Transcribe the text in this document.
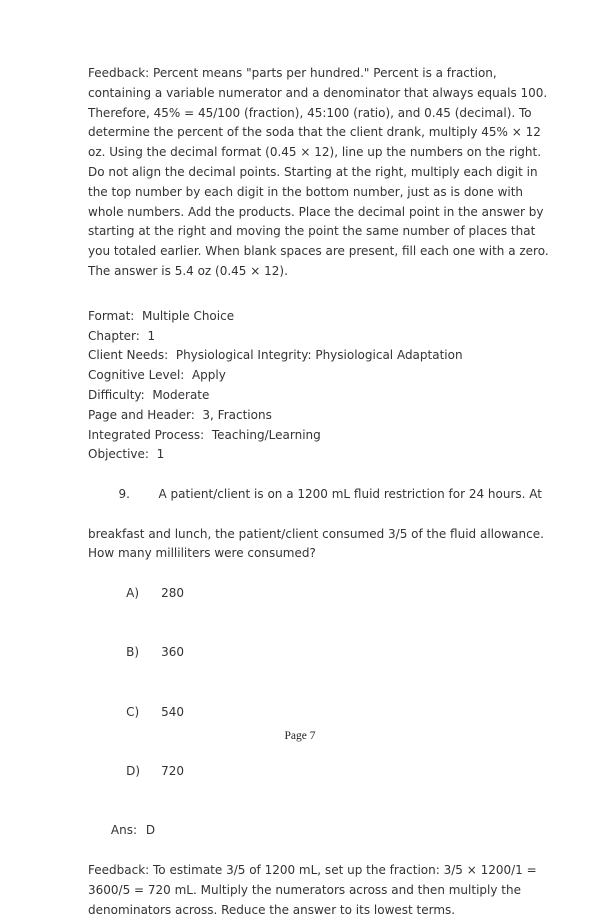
Feedback: Percent means "parts per hundred." Percent is a fraction,
containing a variable numerator and a denominator that always equals 100.
Therefore, 45% = 45/100 (fraction), 45:100 (ratio), and 0.45 (decimal). To
determine the percent of the soda that the client drank, multiply 45% × 12
oz. Using the decimal format (0.45 × 12), line up the numbers on the right.
Do not align the decimal points. Starting at the right, multiply each digit in
the top number by each digit in the bottom number, just as is done with
whole numbers. Add the products. Place the decimal point in the answer by
starting at the right and moving the point the same number of places that
you totaled earlier. When blank spaces are present, fill each one with a zero.
The answer is 5.4 oz (0.45 × 12).
Format:  Multiple Choice
Chapter:  1
Client Needs:  Physiological Integrity: Physiological Adaptation
Cognitive Level:  Apply
Difficulty:  Moderate
Page and Header:  3, Fractions
Integrated Process:  Teaching/Learning
Objective:  1

9. A patient/client is on a 1200 mL fluid restriction for 24 hours. At

breakfast and lunch, the patient/client consumed 3/5 of the fluid allowance.
How many milliliters were consumed?

A) 280

B) 360

C) 540

D) 720

Ans: D

Feedback: To estimate 3/5 of 1200 mL, set up the fraction: 3/5 × 1200/1 =
3600/5 = 720 mL. Multiply the numerators across and then multiply the
denominators across. Reduce the answer to its lowest terms.
Page 7
